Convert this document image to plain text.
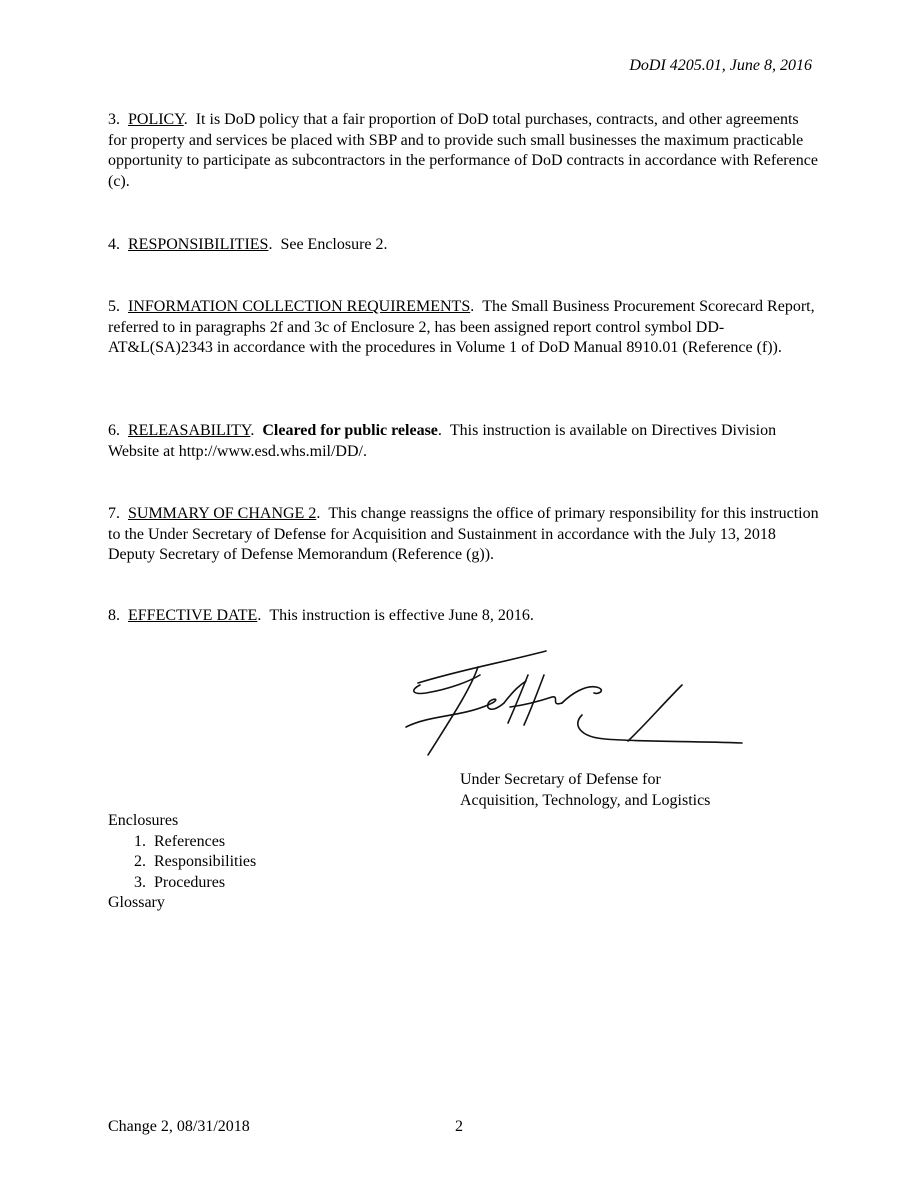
DoDI 4205.01, June 8, 2016

3. POLICY.  It is DoD policy that a fair proportion of DoD total purchases, contracts, and other agreements for property and services be placed with SBP and to provide such small businesses the maximum practicable opportunity to participate as subcontractors in the performance of DoD contracts in accordance with Reference (c).

4. RESPONSIBILITIES.  See Enclosure 2.

5. INFORMATION COLLECTION REQUIREMENTS.  The Small Business Procurement Scorecard Report, referred to in paragraphs 2f and 3c of Enclosure 2, has been assigned report control symbol DD-AT&L(SA)2343 in accordance with the procedures in Volume 1 of DoD Manual 8910.01 (Reference (f)).

6. RELEASABILITY.  Cleared for public release.  This instruction is available on Directives Division Website at http://www.esd.whs.mil/DD/.

7. SUMMARY OF CHANGE 2.  This change reassigns the office of primary responsibility for this instruction to the Under Secretary of Defense for Acquisition and Sustainment in accordance with the July 13, 2018 Deputy Secretary of Defense Memorandum (Reference (g)).

8. EFFECTIVE DATE.  This instruction is effective June 8, 2016.

Under Secretary of Defense for
Acquisition, Technology, and Logistics
Enclosures
1.  References
2.  Responsibilities
3.  Procedures
Glossary
Change 2, 08/31/2018	2
